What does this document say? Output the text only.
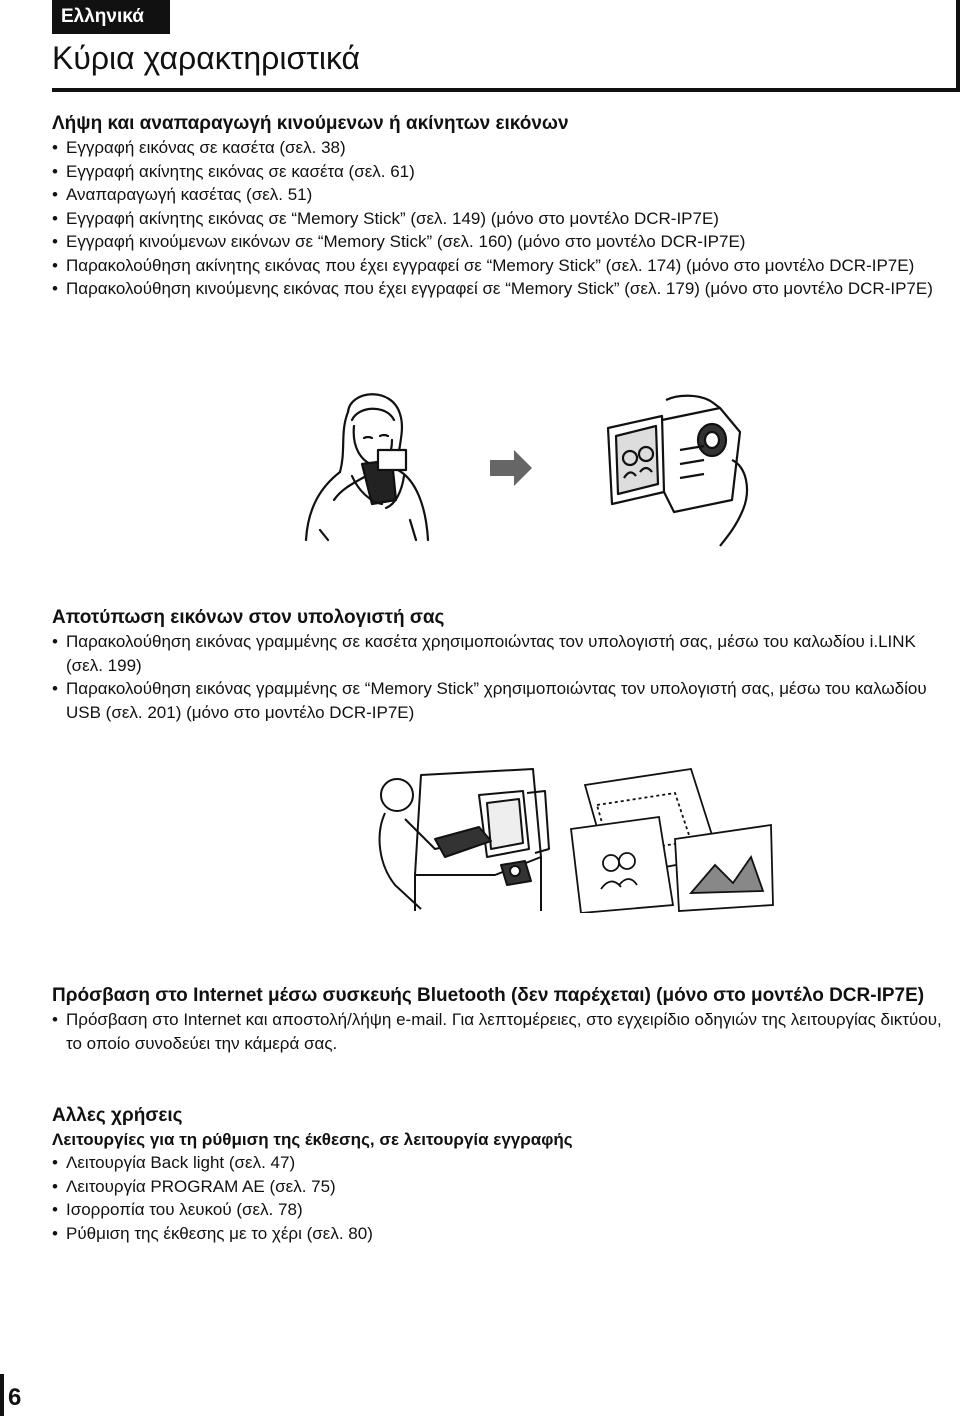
Ελληνικά
Κύρια χαρακτηριστικά
Λήψη και αναπαραγωγή κινούμενων ή ακίνητων εικόνων
• Εγγραφή εικόνας σε κασέτα (σελ. 38)
• Εγγραφή ακίνητης εικόνας σε κασέτα (σελ. 61)
• Αναπαραγωγή κασέτας (σελ. 51)
• Εγγραφή ακίνητης εικόνας σε “Memory Stick” (σελ. 149) (μόνο στο μοντέλο DCR-IP7E)
• Εγγραφή κινούμενων εικόνων σε “Memory Stick” (σελ. 160) (μόνο στο μοντέλο DCR-IP7E)
• Παρακολούθηση ακίνητης εικόνας που έχει εγγραφεί σε “Memory Stick” (σελ. 174) (μόνο στο μοντέλο DCR-IP7E)
• Παρακολούθηση κινούμενης εικόνας που έχει εγγραφεί σε “Memory Stick” (σελ. 179) (μόνο στο μοντέλο DCR-IP7E)
Αποτύπωση εικόνων στον υπολογιστή σας
• Παρακολούθηση εικόνας γραμμένης σε κασέτα χρησιμοποιώντας τον υπολογιστή σας, μέσω του καλωδίου i.LINK (σελ. 199)
• Παρακολούθηση εικόνας γραμμένης σε “Memory Stick” χρησιμοποιώντας τον υπολογιστή σας, μέσω του καλωδίου USB (σελ. 201) (μόνο στο μοντέλο DCR-IP7E)
Πρόσβαση στο Internet μέσω συσκευής Bluetooth (δεν παρέχεται) (μόνο στο μοντέλο DCR-IP7E)
• Πρόσβαση στο Internet και αποστολή/λήψη e-mail. Για λεπτομέρειες, στο εγχειρίδιο οδηγιών της λειτουργίας δικτύου, το οποίο συνοδεύει την κάμερά σας.
Αλλες χρήσεις
Λειτουργίες για τη ρύθμιση της έκθεσης, σε λειτουργία εγγραφής
• Λειτουργία Back light (σελ. 47)
• Λειτουργία PROGRAM AE (σελ. 75)
• Ισορροπία του λευκού (σελ. 78)
• Ρύθμιση της έκθεσης με το χέρι (σελ. 80)
6
